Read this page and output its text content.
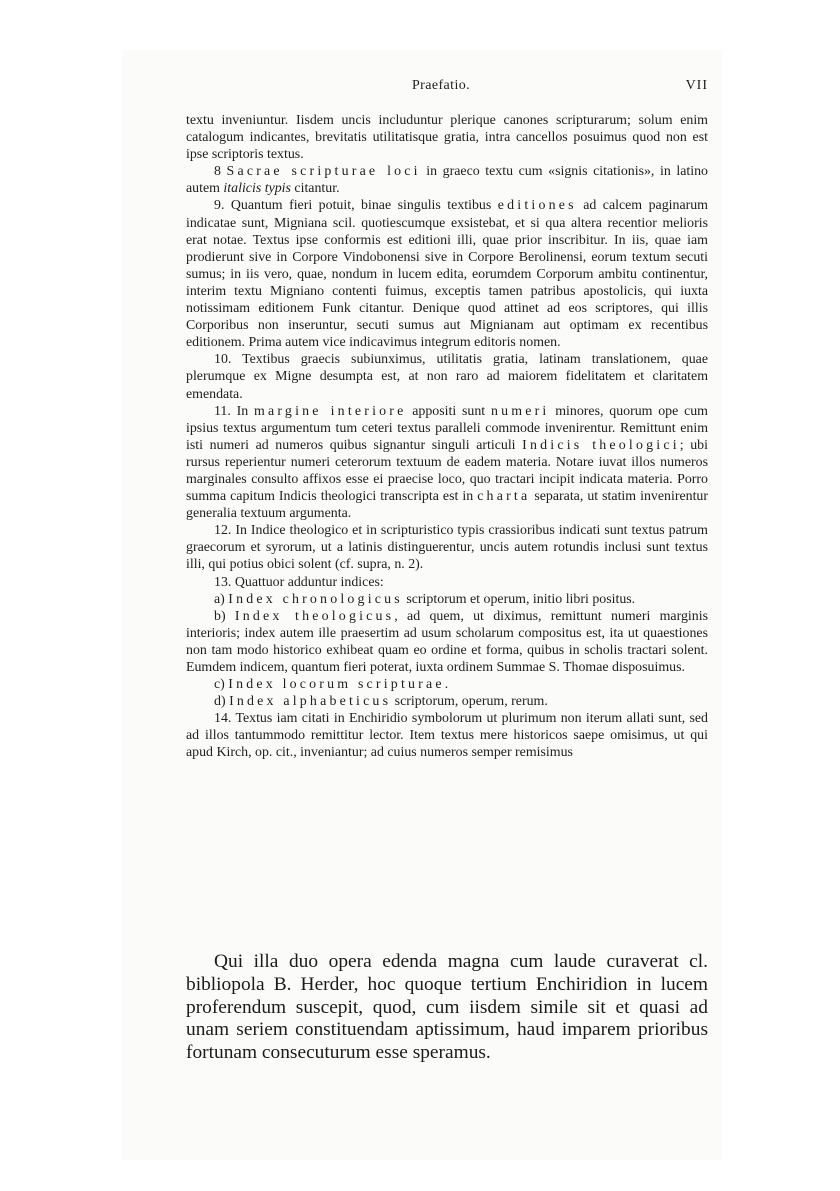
Praefatio.	VII

textu inveniuntur. Iisdem uncis includuntur plerique canones scripturarum; solum enim catalogum indicantes, brevitatis utilitatisque gratia, intra cancellos posuimus quod non est ipse scriptoris textus.

8 Sacrae scripturae loci in graeco textu cum «signis citationis», in latino autem italicis typis citantur.

9. Quantum fieri potuit, binae singulis textibus editiones ad calcem paginarum indicatae sunt, Migniana scil. quotiescumque exsistebat, et si qua altera recentior melioris erat notae. Textus ipse conformis est editioni illi, quae prior inscribitur. In iis, quae iam prodierunt sive in Corpore Vindobonensi sive in Corpore Berolinensi, eorum textum secuti sumus; in iis vero, quae, nondum in lucem edita, eorumdem Corporum ambitu continentur, interim textu Migniano contenti fuimus, exceptis tamen patribus apostolicis, qui iuxta notissimam editionem Funk citantur. Denique quod attinet ad eos scriptores, qui illis Corporibus non inseruntur, secuti sumus aut Mignianam aut optimam ex recentibus editionem. Prima autem vice indicavimus integrum editoris nomen.

10. Textibus graecis subiunximus, utilitatis gratia, latinam translationem, quae plerumque ex Migne desumpta est, at non raro ad maiorem fidelitatem et claritatem emendata.

11. In margine interiore appositi sunt numeri minores, quorum ope cum ipsius textus argumentum tum ceteri textus paralleli commode invenirentur. Remittunt enim isti numeri ad numeros quibus signantur singuli articuli Indicis theologici; ubi rursus reperientur numeri ceterorum textuum de eadem materia. Notare iuvat illos numeros marginales consulto affixos esse ei praecise loco, quo tractari incipit indicata materia. Porro summa capitum Indicis theologici transcripta est in charta separata, ut statim invenirentur generalia textuum argumenta.

12. In Indice theologico et in scripturistico typis crassioribus indicati sunt textus patrum graecorum et syrorum, ut a latinis distinguerentur, uncis autem rotundis inclusi sunt textus illi, qui potius obici solent (cf. supra, n. 2).

13. Quattuor adduntur indices:

a) Index chronologicus scriptorum et operum, initio libri positus.

b) Index theologicus, ad quem, ut diximus, remittunt numeri marginis interioris; index autem ille praesertim ad usum scholarum compositus est, ita ut quaestiones non tam modo historico exhibeat quam eo ordine et forma, quibus in scholis tractari solent. Eumdem indicem, quantum fieri poterat, iuxta ordinem Summae S. Thomae disposuimus.

c) Index locorum scripturae.

d) Index alphabeticus scriptorum, operum, rerum.

14. Textus iam citati in Enchiridio symbolorum ut plurimum non iterum allati sunt, sed ad illos tantummodo remittitur lector. Item textus mere historicos saepe omisimus, ut qui apud Kirch, op. cit., inveniantur; ad cuius numeros semper remisimus

Qui illa duo opera edenda magna cum laude curaverat cl. bibliopola B. Herder, hoc quoque tertium Enchiridion in lucem proferendum suscepit, quod, cum iisdem simile sit et quasi ad unam seriem constituendam aptissimum, haud imparem prioribus fortunam consecuturum esse speramus.
